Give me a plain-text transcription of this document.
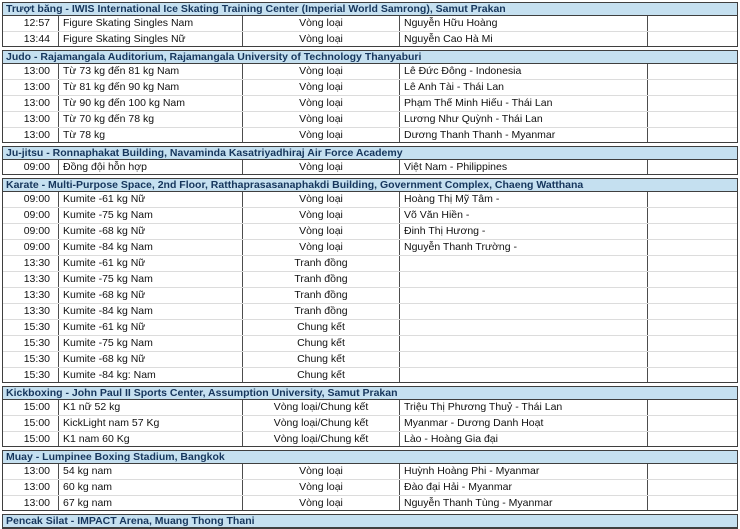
Trượt băng - IWIS International Ice Skating Training Center (Imperial World Samrong), Samut Prakan
12:57	Figure Skating Singles Nam	Vòng loại	Nguyễn Hữu Hoàng
13:44	Figure Skating Singles Nữ	Vòng loại	Nguyễn Cao Hà Mi
Judo - Rajamangala Auditorium, Rajamangala University of Technology Thanyaburi
13:00	Từ 73 kg đến 81 kg Nam	Vòng loại	Lê Đức Đông - Indonesia
13:00	Từ 81 kg đến 90 kg Nam	Vòng loại	Lê Anh Tài - Thái Lan
13:00	Từ 90 kg đến 100 kg Nam	Vòng loại	Phạm Thế Minh Hiếu - Thái Lan
13:00	Từ 70 kg đến 78 kg	Vòng loại	Lương Như Quỳnh - Thái Lan
13:00	Từ 78 kg	Vòng loại	Dương Thanh Thanh - Myanmar
Ju-jitsu - Ronnaphakat Building, Navaminda Kasatriyadhiraj Air Force Academy
09:00	Đồng đội hỗn hợp	Vòng loại	Việt Nam - Philippines
Karate - Multi-Purpose Space, 2nd Floor, Ratthaprasasanaphakdi Building, Government Complex, Chaeng Watthana
09:00	Kumite -61 kg Nữ	Vòng loại	Hoàng Thị Mỹ Tâm -
09:00	Kumite -75 kg Nam	Vòng loại	Võ Văn Hiền -
09:00	Kumite -68 kg Nữ	Vòng loại	Đinh Thị Hương -
09:00	Kumite -84 kg Nam	Vòng loại	Nguyễn Thanh Trường -
13:30	Kumite -61 kg Nữ	Tranh đồng
13:30	Kumite -75 kg Nam	Tranh đồng
13:30	Kumite -68 kg Nữ	Tranh đồng
13:30	Kumite -84 kg Nam	Tranh đồng
15:30	Kumite -61 kg Nữ	Chung kết
15:30	Kumite -75 kg Nam	Chung kết
15:30	Kumite -68 kg Nữ	Chung kết
15:30	Kumite -84 kg: Nam	Chung kết
Kickboxing - John Paul II Sports Center, Assumption University, Samut Prakan
15:00	K1 nữ 52 kg	Vòng loại/Chung kết	Triệu Thị Phương Thuỷ - Thái Lan
15:00	KickLight nam 57 Kg	Vòng loại/Chung kết	Myanmar - Dương Danh Hoạt
15:00	K1 nam 60 Kg	Vòng loại/Chung kết	Lào - Hoàng Gia đại
Muay - Lumpinee Boxing Stadium, Bangkok
13:00	54 kg nam	Vòng loại	Huỳnh Hoàng Phi - Myanmar
13:00	60 kg nam	Vòng loại	Đào đại Hải - Myanmar
13:00	67 kg nam	Vòng loại	Nguyễn Thanh Tùng - Myanmar
Pencak Silat - IMPACT Arena, Muang Thong Thani
